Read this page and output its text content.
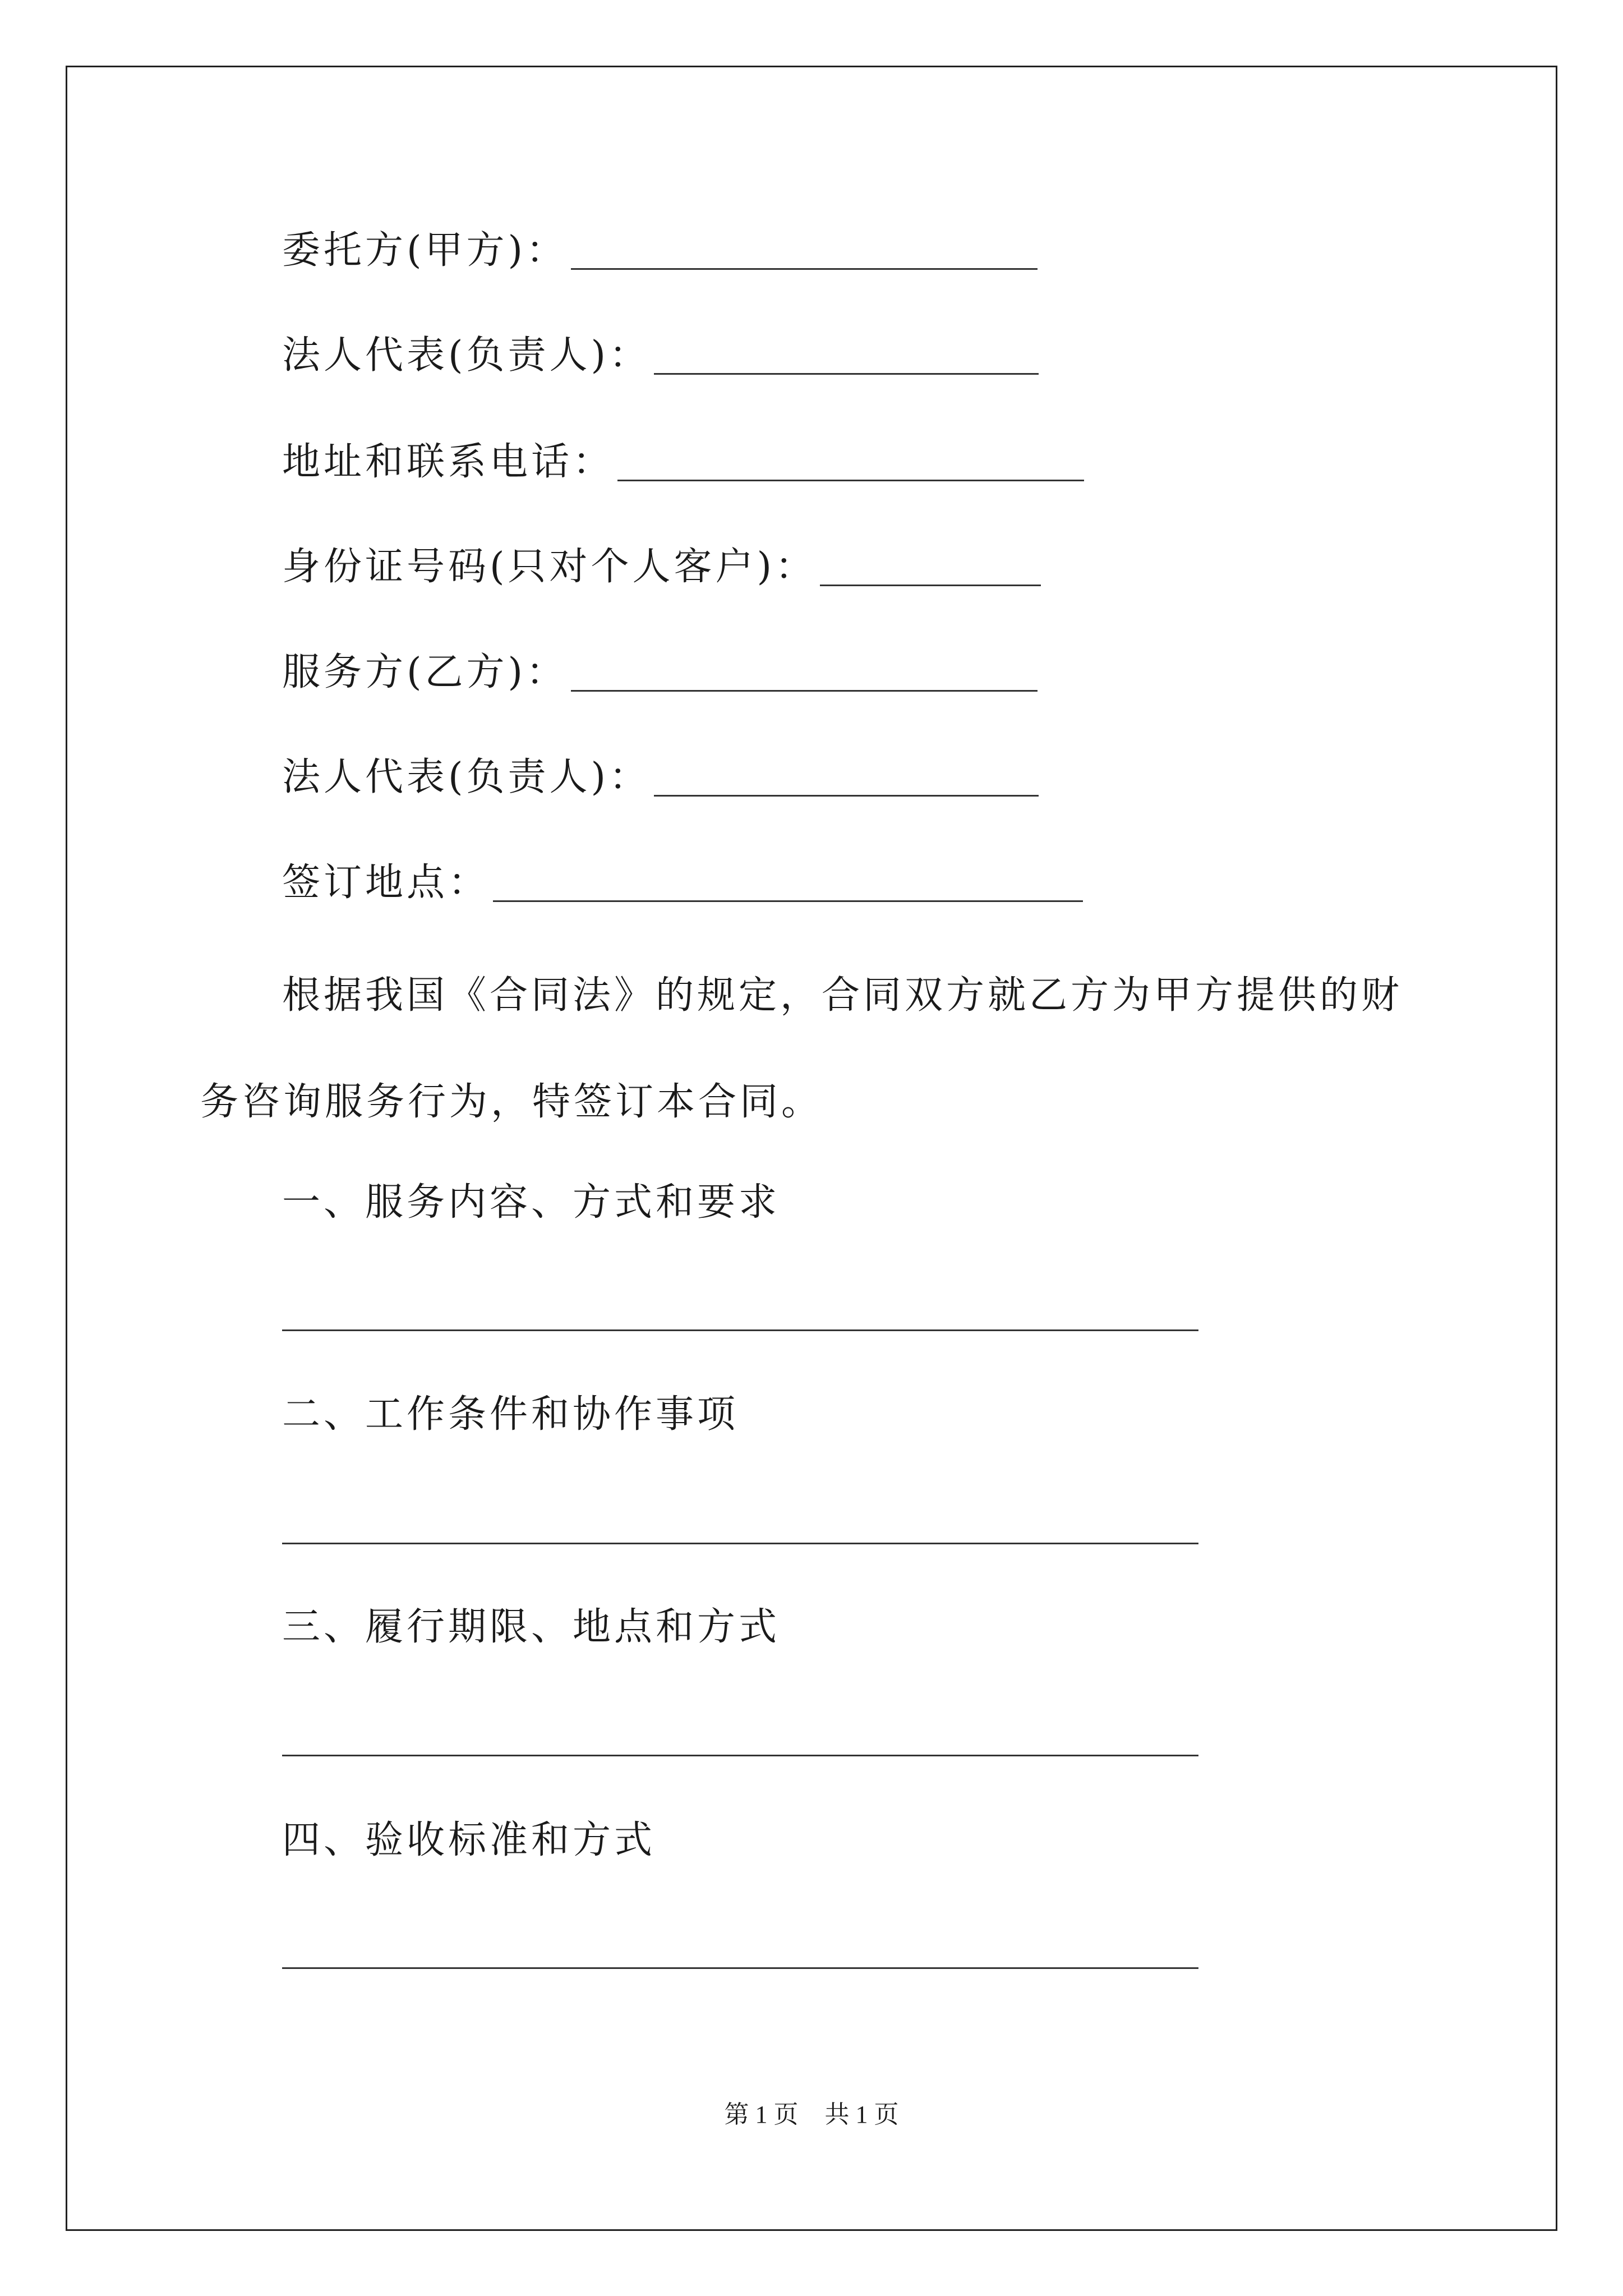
委托方(甲方)：
法人代表(负责人)：
地址和联系电话：
身份证号码(只对个人客户)：
服务方(乙方)：
法人代表(负责人)：
签订地点：

根据我国《合同法》的规定，合同双方就乙方为甲方提供的财务咨询服务行为，特签订本合同。

一、服务内容、方式和要求
二、工作条件和协作事项
三、履行期限、地点和方式
四、验收标准和方式
第 1 页 共 1 页
